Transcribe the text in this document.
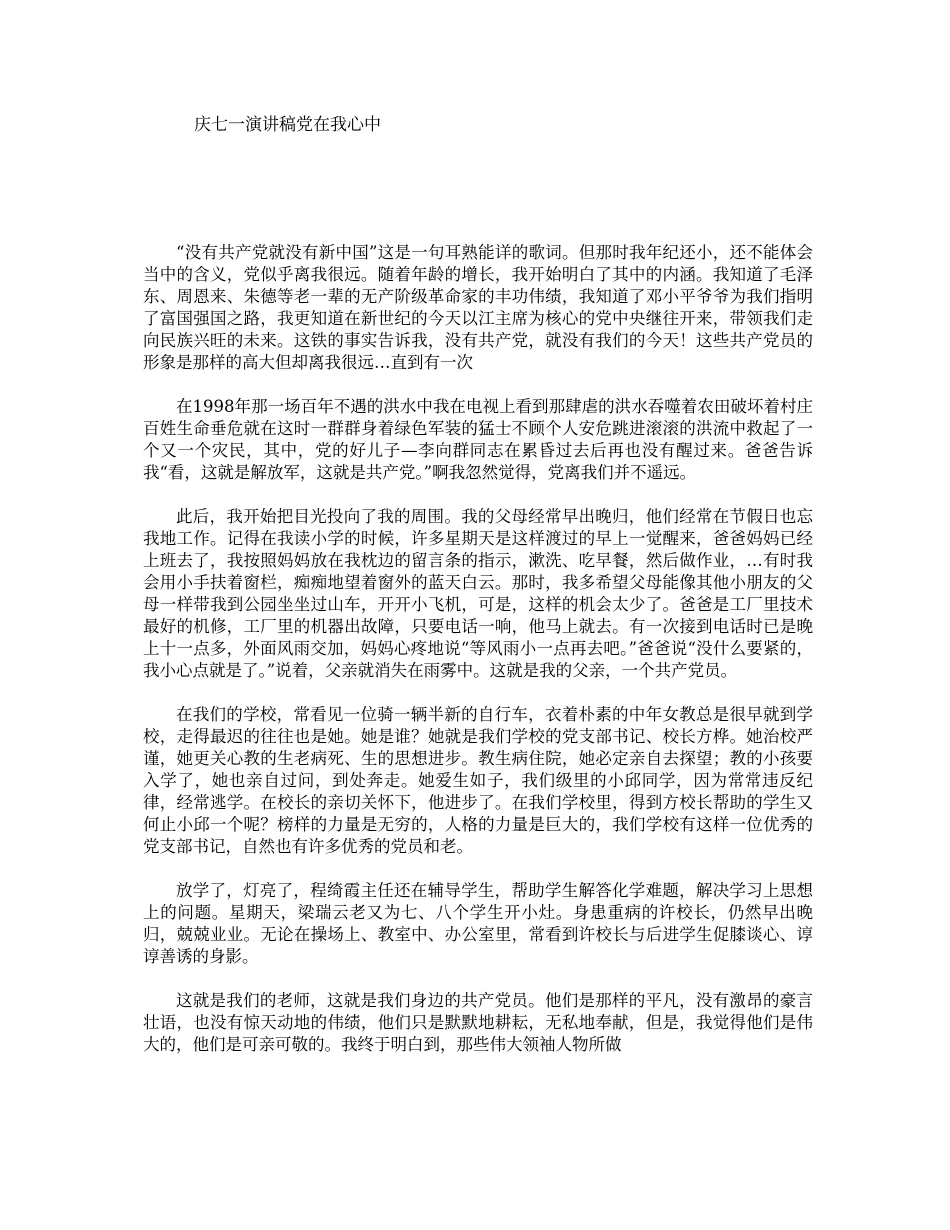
庆七一演讲稿党在我心中

“没有共产党就没有新中国”这是一句耳熟能详的歌词。但那时我年纪还小，还不能体会当中的含义，党似乎离我很远。随着年龄的增长，我开始明白了其中的内涵。我知道了毛泽东、周恩来、朱德等老一辈的无产阶级革命家的丰功伟绩，我知道了邓小平爷爷为我们指明了富国强国之路，我更知道在新世纪的今天以江主席为核心的党中央继往开来，带领我们走向民族兴旺的未来。这铁的事实告诉我，没有共产党，就没有我们的今天！这些共产党员的形象是那样的高大但却离我很远…直到有一次

在1998年那一场百年不遇的洪水中我在电视上看到那肆虐的洪水吞噬着农田破坏着村庄百姓生命垂危就在这时一群群身着绿色军装的猛士不顾个人安危跳进滚滚的洪流中救起了一个又一个灾民，其中，党的好儿子—李向群同志在累昏过去后再也没有醒过来。爸爸告诉我“看，这就是解放军，这就是共产党。”啊我忽然觉得，党离我们并不遥远。

此后，我开始把目光投向了我的周围。我的父母经常早出晚归，他们经常在节假日也忘我地工作。记得在我读小学的时候，许多星期天是这样渡过的早上一觉醒来，爸爸妈妈已经上班去了，我按照妈妈放在我枕边的留言条的指示，漱洗、吃早餐，然后做作业，…有时我会用小手扶着窗栏，痴痴地望着窗外的蓝天白云。那时，我多希望父母能像其他小朋友的父母一样带我到公园坐坐过山车，开开小飞机，可是，这样的机会太少了。爸爸是工厂里技术最好的机修，工厂里的机器出故障，只要电话一响，他马上就去。有一次接到电话时已是晚上十一点多，外面风雨交加，妈妈心疼地说“等风雨小一点再去吧。”爸爸说“没什么要紧的，我小心点就是了。”说着，父亲就消失在雨雾中。这就是我的父亲，一个共产党员。

在我们的学校，常看见一位骑一辆半新的自行车，衣着朴素的中年女教总是很早就到学校，走得最迟的往往也是她。她是谁？她就是我们学校的党支部书记、校长方桦。她治校严谨，她更关心教的生老病死、生的思想进步。教生病住院，她必定亲自去探望；教的小孩要入学了，她也亲自过问，到处奔走。她爱生如子，我们级里的小邱同学，因为常常违反纪律，经常逃学。在校长的亲切关怀下，他进步了。在我们学校里，得到方校长帮助的学生又何止小邱一个呢？榜样的力量是无穷的，人格的力量是巨大的，我们学校有这样一位优秀的党支部书记，自然也有许多优秀的党员和老。

放学了，灯亮了，程绮霞主任还在辅导学生，帮助学生解答化学难题，解决学习上思想上的问题。星期天，梁瑞云老又为七、八个学生开小灶。身患重病的许校长，仍然早出晚归，兢兢业业。无论在操场上、教室中、办公室里，常看到许校长与后进学生促膝谈心、谆谆善诱的身影。

这就是我们的老师，这就是我们身边的共产党员。他们是那样的平凡，没有激昂的豪言壮语，也没有惊天动地的伟绩，他们只是默默地耕耘，无私地奉献，但是，我觉得他们是伟大的，他们是可亲可敬的。我终于明白到，那些伟大领袖人物所做
